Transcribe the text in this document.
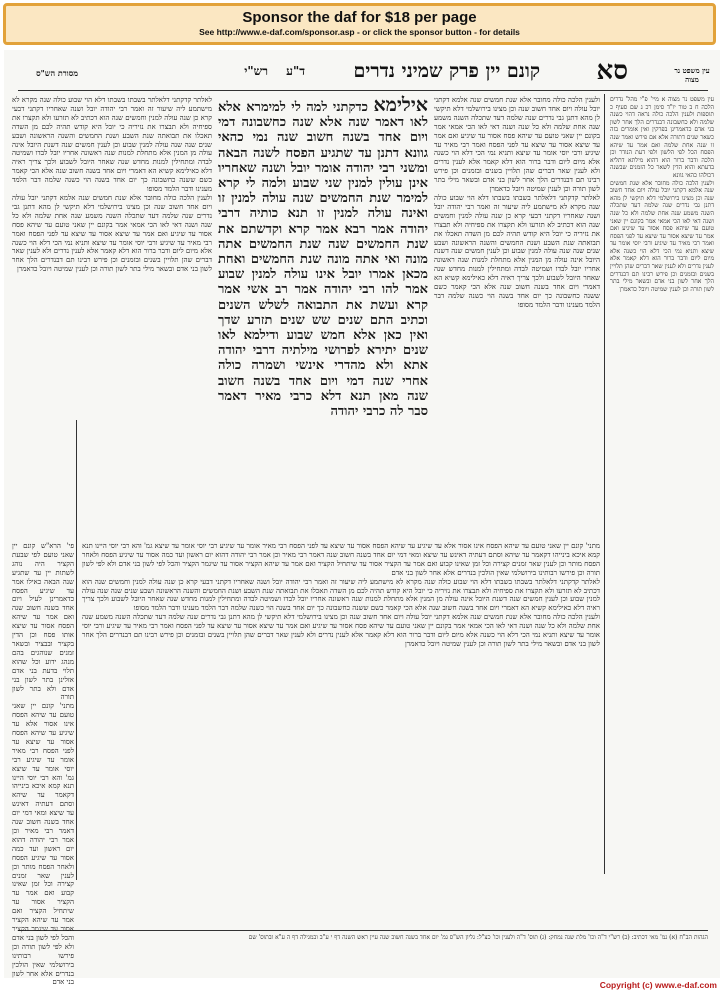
Sponsor the daf for $18 per page
See http://www.e-daf.com/sponsor.asp - or click the sponsor button - for details
סא
קונם יין פרק שמיני נדרים
ד"ע
רש"י
מסורת הש"ס	עין משפט נר מצוה

עין משפט נר מצוה א מיי' פ"י מהל' נדרים הלכה ח ב טור יו"ד סימן רכ ג שם סעיף כ תוספות ולענין הלכה כולה נראה דהוי כשנה שלמה ולא כחשבונה דבנדרים הלך אחר לשון בני אדם כדאמרינן בפרקין ואין אומרים בזה כשאר שנים דתורה אלא אם פירש ואמר שנה זו שנה אחת שלמה ואם אמר עד שיהא הפסח הכל לפי הלשון ולפי דעת הנודר וכן הלכה ודבר ברור הוא דהוא מילתא דתליא בדעתא והוא הדין לשאר כל הזמנים שבשנה דכולהו כהאי גוונא

ולענין הלכה כולה מחובר אלא שנת חמשים שנה אלמא דקתני יובל עולה ויום אחד חשוב שנה וכן מצינו בירושלמי דלא תיקשי לן מהא דתנן גבי נדרים שנה שלמה דעד שתכלה השנה משמע שנה אחת שלמה ולא כל שנה ושנה דאי לאו הכי אמאי אמר בקונם יין שאני טועם עד שיהא פסח אסור עד שיגיע ואם אמר עד שיצא אסור עד שיצא עד לפני הפסח ואמר רבי מאיר עד שיגיע ורבי יוסי אומר עד שיצא ותניא נמי הכי דלא הוי כשנה אלא מיום ליום ודבר ברור הוא דלא קאמר אלא לענין נדרים ולא לענין שאר דברים שהן תלויין בשנים ובזמנים וכן פירש רבינו תם דבנדרים הלך אחר לשון בני אדם ובשאר מילי בתר לשון תורה וכן לענין שמיטה ויובל כדאמרן

ולענין הלכה כולה מחובר אלא שנת חמשים שנה אלמא דקתני יובל עולה ויום אחד חשוב שנה וכן מצינו בירושלמי דלא תיקשי לן מהא דתנן גבי נדרים שנה שלמה דעד שתכלה השנה משמע שנה אחת שלמה ולא כל שנה ושנה דאי לאו הכי אמאי אמר בקונם יין שאני טועם עד שיהא פסח אסור עד שיגיע ואם אמר עד שיצא אסור עד שיצא עד לפני הפסח ואמר רבי מאיר עד שיגיע ורבי יוסי אומר עד שיצא ותניא נמי הכי דלא הוי כשנה אלא מיום ליום ודבר ברור הוא דלא קאמר אלא לענין נדרים ולא לענין שאר דברים שהן תלויין בשנים ובזמנים וכן פירש רבינו תם דבנדרים הלך אחר לשון בני אדם ובשאר מילי בתר לשון תורה וכן לענין שמיטה ויובל כדאמרן

לאלתר קדקתני דלאלתר בשבתו בשבתו דלא הוי שבוע כולה שנה מקרא לא מישתמע ליה שיעור זה ואמר רבי יהודה יובל ושנה שאחריו דקתני דבעי קרא כן שנה עולה למנין וחמשים שנה הוא דכתיב לא תזרעו ולא תקצרו את ספיחיה ולא תבצרו את נזיריה כי יובל היא קודש תהיה לכם מן השדה תאכלו את תבואתה שנת השבע ושנת החמשים והשנה הראשונה ושבע שנים שנה שנה עולה למנין שבוע וכן לענין חמשים שנה דשנת היובל אינה עולה מן המנין אלא מתחלת למנות שנה ראשונה אחריו יובל לבדו ושמיטה לבדה ומתחילין למנות מחדש שנה שאחר היובל לשבוע ולכך צריך ראיה דלא כאילימא קשיא הא דאמרי ויום אחד בשנה חשוב שנה אלא הכי קאמר כשם ששנה כחשבונה כך יום אחד בשנה הוי כשנה שלמה דבר הלמד מענינו ודבר הלמד מסופו

אילימא כדקתני למה לי למימרא אלא לאו דאמר שנה אלא שנה כחשבונה דמי ויום אחד בשנה חשוב שנה נמי כהאי גוונא דתנן עד שתגיע הפסח לשנה הבאה ומשני רבי יהודה אומר יובל ושנה שאחריו אינן עולין למנין שני שבוע ולמה לי קרא למימר שנת החמשים שנה עולה למנין זו ואינה עולה למנין זו תנא כותיה דרבי יהודה אמר רבא אמר קרא וקדשתם את שנת החמשים שנה שנת החמשים אתה מונה ואי אתה מונה שנת החמשים ואחת מכאן אמרו יובל אינו עולה למנין שבוע אמר להו רבי יהודה אמר רב אשי אמר קרא ועשת את התבואה לשלש השנים וכתיב התם שנים שש שנים תזרע שדך ואין כאן אלא חמש שבוע ודילמא לאו שנים יתירא לפרושי מילתיה דרבי יהודה אתא ולא מהדרי אינשי ושמרה כולה אחרי שנה דמי ויום אחד בשנה חשוב שנה מאן תנא דלא כרבי מאיר דאמר סבר לה כרבי יהודה

לאלתר קדקתני דלאלתר בשבתו בשבתו דלא הוי שבוע כולה שנה מקרא לא מישתמע ליה שיעור זה ואמר רבי יהודה יובל ושנה שאחריו דקתני דבעי קרא כן שנה עולה למנין וחמשים שנה הוא דכתיב לא תזרעו ולא תקצרו את ספיחיה ולא תבצרו את נזיריה כי יובל היא קודש תהיה לכם מן השדה תאכלו את תבואתה שנת השבע ושנת החמשים והשנה הראשונה ושבע שנים שנה שנה עולה למנין שבוע וכן לענין חמשים שנה דשנת היובל אינה עולה מן המנין אלא מתחלת למנות שנה ראשונה אחריו יובל לבדו ושמיטה לבדה ומתחילין למנות מחדש שנה שאחר היובל לשבוע ולכך צריך ראיה דלא כאילימא קשיא הא דאמרי ויום אחד בשנה חשוב שנה אלא הכי קאמר כשם ששנה כחשבונה כך יום אחד בשנה הוי כשנה שלמה דבר הלמד מענינו ודבר הלמד מסופו

ולענין הלכה כולה מחובר אלא שנת חמשים שנה אלמא דקתני יובל עולה ויום אחד חשוב שנה וכן מצינו בירושלמי דלא תיקשי לן מהא דתנן גבי נדרים שנה שלמה דעד שתכלה השנה משמע שנה אחת שלמה ולא כל שנה ושנה דאי לאו הכי אמאי אמר בקונם יין שאני טועם עד שיהא פסח אסור עד שיגיע ואם אמר עד שיצא אסור עד שיצא עד לפני הפסח ואמר רבי מאיר עד שיגיע ורבי יוסי אומר עד שיצא ותניא נמי הכי דלא הוי כשנה אלא מיום ליום ודבר ברור הוא דלא קאמר אלא לענין נדרים ולא לענין שאר דברים שהן תלויין בשנים ובזמנים וכן פירש רבינו תם דבנדרים הלך אחר לשון בני אדם ובשאר מילי בתר לשון תורה וכן לענין שמיטה ויובל כדאמרן

מתני' קונם יין שאני טועם עד שיהא הפסח אינו אסור אלא עד שיגיע עד שיהא הפסח אסור עד שיצא עד לפני הפסח רבי מאיר אומר עד שיגיע רבי יוסי אומר עד שיצא גמ' והא רבי יוסי היינו תנא קמא איכא בינייהו דקאמר עד שיהא וסתם דעתיה דאינש עד שיצא ומאי דמי יום אחד בשנה חשוב שנה דאמר רבי מאיר וכן אמר רבי יהודה דהוא יום ראשון ועד כמה אסור עד שיגיע הפסח ולאחר הפסח מותר וכן לענין שאר זמנים קצירה וכל זמן שאינו קבוע ואם אמר עד הקציר אסור עד שיתחיל הקציר ואם אמר עד שיהא הקציר אסור עד שיגמר הקציר והכל לפי לשון בני אדם ולא לפי לשון תורה וכן פירשו רבותינו בירושלמי שאין הולכין בנדרים אלא אחר לשון בני אדם

לאלתר קדקתני דלאלתר בשבתו בשבתו דלא הוי שבוע כולה שנה מקרא לא מישתמע ליה שיעור זה ואמר רבי יהודה יובל ושנה שאחריו דקתני דבעי קרא כן שנה עולה למנין וחמשים שנה הוא דכתיב לא תזרעו ולא תקצרו את ספיחיה ולא תבצרו את נזיריה כי יובל היא קודש תהיה לכם מן השדה תאכלו את תבואתה שנת השבע ושנת החמשים והשנה הראשונה ושבע שנים שנה שנה עולה למנין שבוע וכן לענין חמשים שנה דשנת היובל אינה עולה מן המנין אלא מתחלת למנות שנה ראשונה אחריו יובל לבדו ושמיטה לבדה ומתחילין למנות מחדש שנה שאחר היובל לשבוע ולכך צריך ראיה דלא כאילימא קשיא הא דאמרי ויום אחד בשנה חשוב שנה אלא הכי קאמר כשם ששנה כחשבונה כך יום אחד בשנה הוי כשנה שלמה דבר הלמד מענינו ודבר הלמד מסופו

ולענין הלכה כולה מחובר אלא שנת חמשים שנה אלמא דקתני יובל עולה ויום אחד חשוב שנה וכן מצינו בירושלמי דלא תיקשי לן מהא דתנן גבי נדרים שנה שלמה דעד שתכלה השנה משמע שנה אחת שלמה ולא כל שנה ושנה דאי לאו הכי אמאי אמר בקונם יין שאני טועם עד שיהא פסח אסור עד שיגיע ואם אמר עד שיצא אסור עד שיצא עד לפני הפסח ואמר רבי מאיר עד שיגיע ורבי יוסי אומר עד שיצא ותניא נמי הכי דלא הוי כשנה אלא מיום ליום ודבר ברור הוא דלא קאמר אלא לענין נדרים ולא לענין שאר דברים שהן תלויין בשנים ובזמנים וכן פירש רבינו תם דבנדרים הלך אחר לשון בני אדם ובשאר מילי בתר לשון תורה וכן לענין שמיטה ויובל כדאמרן

פי' הרא"ש קונם יין שאני טועם לפי שבעת הקציר היה נוהג לשתות יין עד שתגיע שנה הבאה כאילו אמר עד שיגיע הפסח כדאמרינן לעיל ויום אחד בשנה חשוב שנה ואם אמר עד שיהא הפסח אסור עד שיצא אותו פסח וכן הדין בקציר ובבציר ובשאר זמנים שנוהגים בהם מנהג ידוע וכל שהוא תלוי בדעת בני אדם אזלינן בתר לשון בני אדם ולא בתר לשון תורה

מתני' קונם יין שאני טועם עד שיהא הפסח אינו אסור אלא עד שיגיע עד שיהא הפסח אסור עד שיצא עד לפני הפסח רבי מאיר אומר עד שיגיע רבי יוסי אומר עד שיצא גמ' והא רבי יוסי היינו תנא קמא איכא בינייהו דקאמר עד שיהא וסתם דעתיה דאינש עד שיצא ומאי דמי יום אחד בשנה חשוב שנה דאמר רבי מאיר וכן אמר רבי יהודה דהוא יום ראשון ועד כמה אסור עד שיגיע הפסח ולאחר הפסח מותר וכן לענין שאר זמנים קצירה וכל זמן שאינו קבוע ואם אמר עד הקציר אסור עד שיתחיל הקציר ואם אמר עד שיהא הקציר אסור עד שיגמר הקציר והכל לפי לשון בני אדם ולא לפי לשון תורה וכן פירשו רבותינו בירושלמי שאין הולכין בנדרים אלא אחר לשון בני אדם

הגהות הב"ח (א) גמ' מאי דכתיב: (ב) רש"י ד"ה וכו' מלת שנה נמחק: (ג) תוס' ד"ה ולענין וכו' כצ"ל: גליון הש"ס גמ' יום אחד בשנה חשוב שנה עיין ראש השנה דף י ע"ב ובמגילה דף ה ע"א ובתוס' שם

Copyright (c) www.e-daf.com
